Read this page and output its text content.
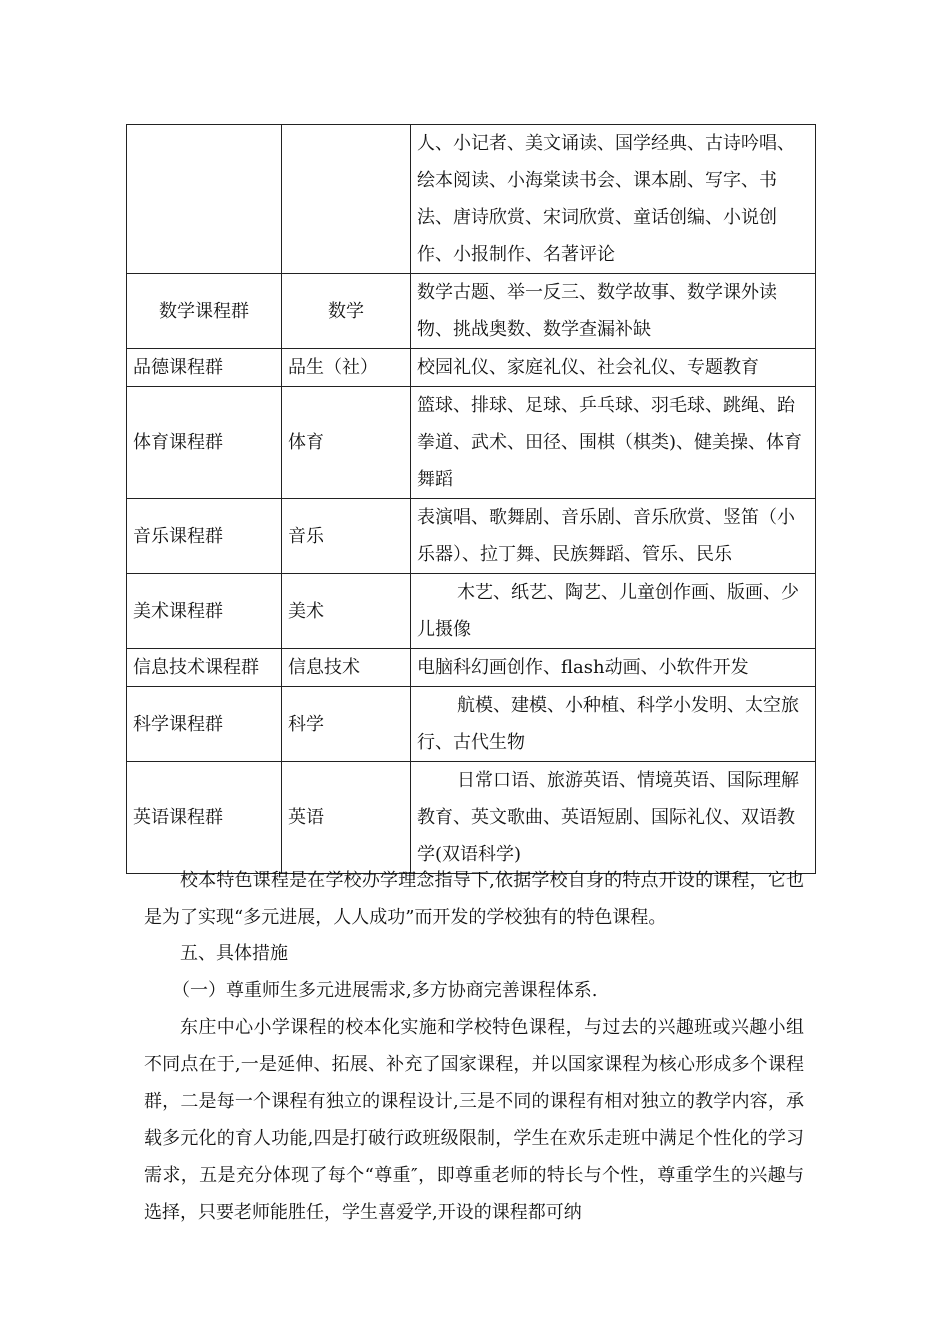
		人、小记者、美文诵读、国学经典、古诗吟唱、绘本阅读、小海棠读书会、课本剧、写字、书法、唐诗欣赏、宋词欣赏、童话创编、小说创作、小报制作、名著评论
数学课程群	数学	数学古题、举一反三、数学故事、数学课外读物、挑战奥数、数学查漏补缺
品德课程群	品生（社）	校园礼仪、家庭礼仪、社会礼仪、专题教育
体育课程群	体育	篮球、排球、足球、乒乓球、羽毛球、跳绳、跆拳道、武术、田径、围棋（棋类)、健美操、体育舞蹈
音乐课程群	音乐	表演唱、歌舞剧、音乐剧、音乐欣赏、竖笛（小乐器）、拉丁舞、民族舞蹈、管乐、民乐
美术课程群	美术	木艺、纸艺、陶艺、儿童创作画、版画、少儿摄像
信息技术课程群	信息技术	电脑科幻画创作、flash动画、小软件开发
科学课程群	科学	航模、建模、小种植、科学小发明、太空旅行、古代生物
英语课程群	英语	日常口语、旅游英语、情境英语、国际理解教育、英文歌曲、英语短剧、国际礼仪、双语教学(双语科学)

校本特色课程是在学校办学理念指导下,依据学校自身的特点开设的课程，它也是为了实现“多元进展，人人成功”而开发的学校独有的特色课程。

五、具体措施

（一）尊重师生多元进展需求,多方协商完善课程体系.

东庄中心小学课程的校本化实施和学校特色课程，与过去的兴趣班或兴趣小组不同点在于,一是延伸、拓展、补充了国家课程，并以国家课程为核心形成多个课程群，二是每一个课程有独立的课程设计,三是不同的课程有相对独立的教学内容，承载多元化的育人功能,四是打破行政班级限制，学生在欢乐走班中满足个性化的学习需求，五是充分体现了每个“尊重″，即尊重老师的特长与个性，尊重学生的兴趣与选择，只要老师能胜任，学生喜爱学,开设的课程都可纳
